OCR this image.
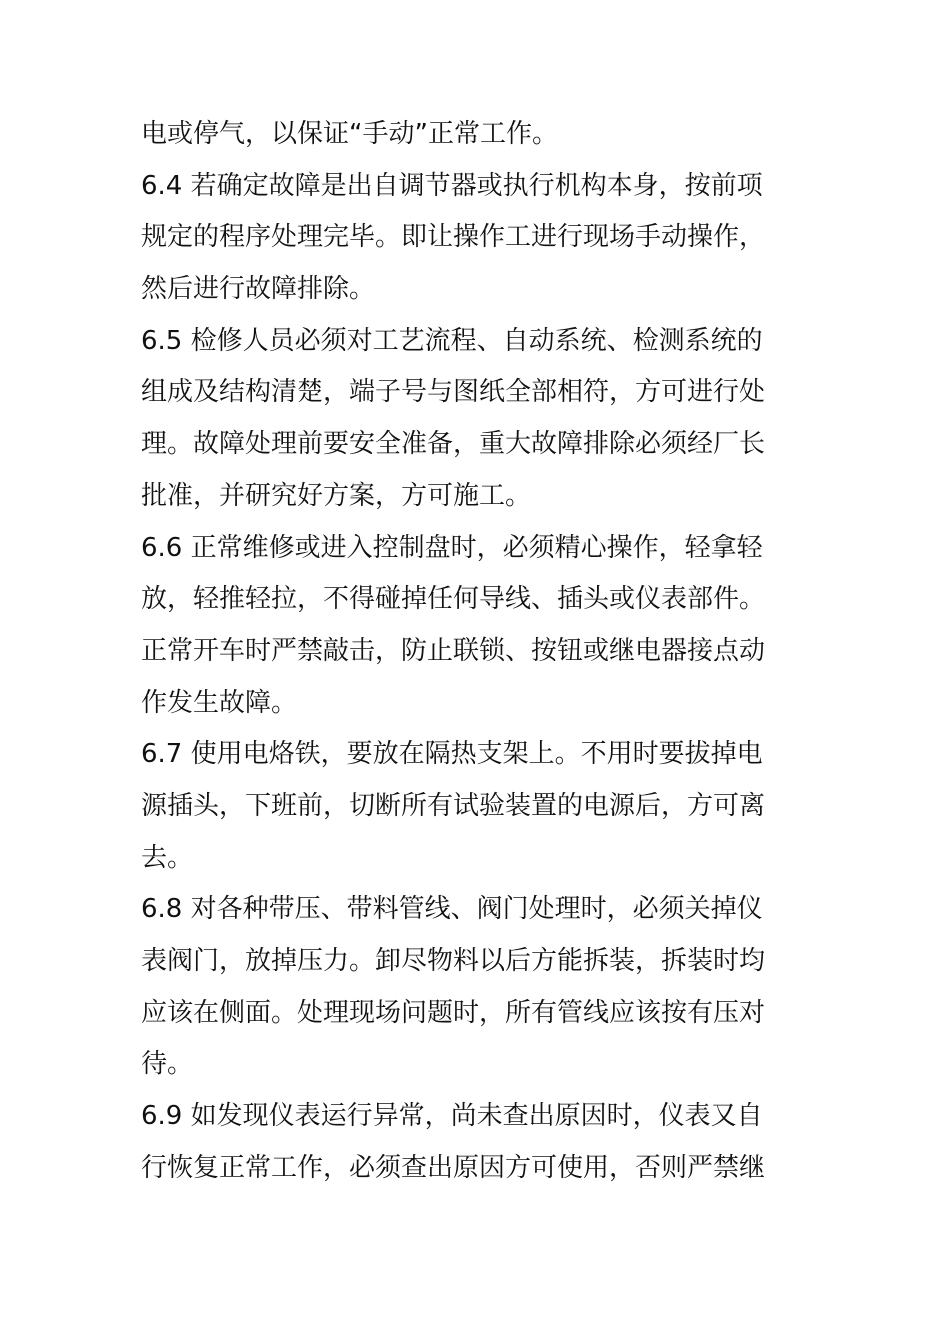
电或停气，以保证“手动”正常工作。
6.4 若确定故障是出自调节器或执行机构本身，按前项
规定的程序处理完毕。即让操作工进行现场手动操作，
然后进行故障排除。
6.5 检修人员必须对工艺流程、自动系统、检测系统的
组成及结构清楚，端子号与图纸全部相符，方可进行处
理。故障处理前要安全准备，重大故障排除必须经厂长
批准，并研究好方案，方可施工。
6.6 正常维修或进入控制盘时，必须精心操作，轻拿轻
放，轻推轻拉，不得碰掉任何导线、插头或仪表部件。
正常开车时严禁敲击，防止联锁、按钮或继电器接点动
作发生故障。
6.7 使用电烙铁，要放在隔热支架上。不用时要拔掉电
源插头，下班前，切断所有试验装置的电源后，方可离
去。
6.8 对各种带压、带料管线、阀门处理时，必须关掉仪
表阀门，放掉压力。卸尽物料以后方能拆装，拆装时均
应该在侧面。处理现场问题时，所有管线应该按有压对
待。
6.9 如发现仪表运行异常，尚未查出原因时，仪表又自
行恢复正常工作，必须查出原因方可使用，否则严禁继
